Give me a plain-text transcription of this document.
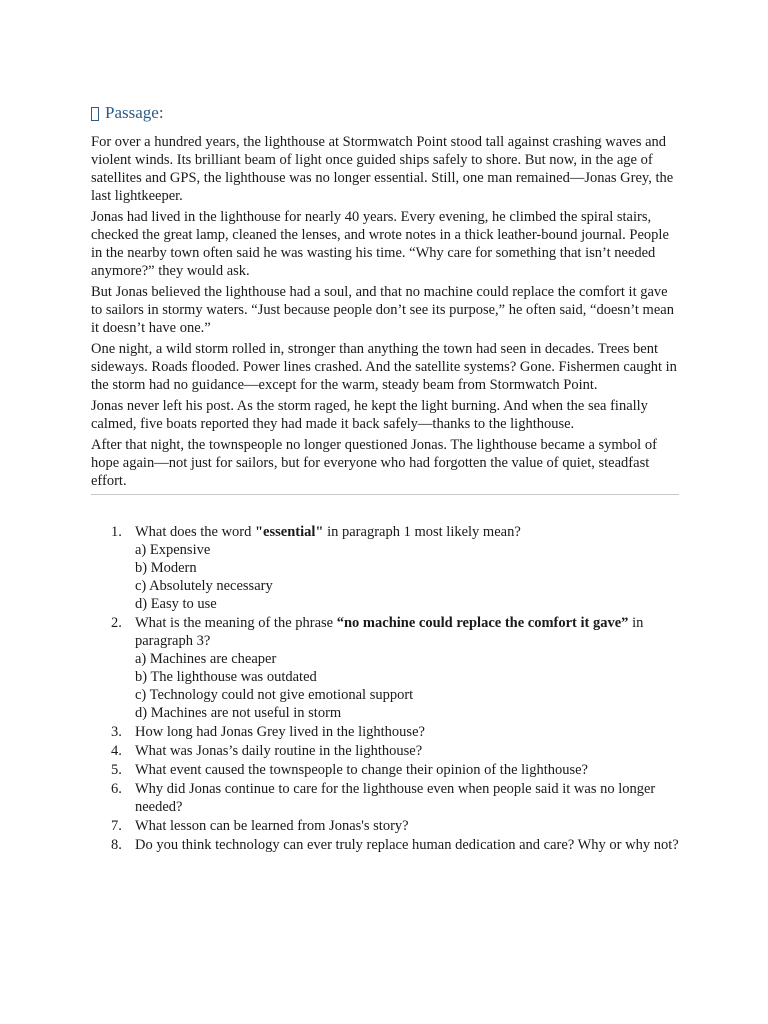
Passage:

For over a hundred years, the lighthouse at Stormwatch Point stood tall against crashing waves and violent winds. Its brilliant beam of light once guided ships safely to shore. But now, in the age of satellites and GPS, the lighthouse was no longer essential. Still, one man remained—Jonas Grey, the last lightkeeper.

Jonas had lived in the lighthouse for nearly 40 years. Every evening, he climbed the spiral stairs, checked the great lamp, cleaned the lenses, and wrote notes in a thick leather-bound journal. People in the nearby town often said he was wasting his time. “Why care for something that isn’t needed anymore?” they would ask.

But Jonas believed the lighthouse had a soul, and that no machine could replace the comfort it gave to sailors in stormy waters. “Just because people don’t see its purpose,” he often said, “doesn’t mean it doesn’t have one.”

One night, a wild storm rolled in, stronger than anything the town had seen in decades. Trees bent sideways. Roads flooded. Power lines crashed. And the satellite systems? Gone. Fishermen caught in the storm had no guidance—except for the warm, steady beam from Stormwatch Point.

Jonas never left his post. As the storm raged, he kept the light burning. And when the sea finally calmed, five boats reported they had made it back safely—thanks to the lighthouse.

After that night, the townspeople no longer questioned Jonas. The lighthouse became a symbol of hope again—not just for sailors, but for everyone who had forgotten the value of quiet, steadfast effort.

1. What does the word "essential" in paragraph 1 most likely mean?
a) Expensive
b) Modern
c) Absolutely necessary
d) Easy to use
2. What is the meaning of the phrase “no machine could replace the comfort it gave” in paragraph 3?
a) Machines are cheaper
b) The lighthouse was outdated
c) Technology could not give emotional support
d) Machines are not useful in storm
3. How long had Jonas Grey lived in the lighthouse?
4. What was Jonas’s daily routine in the lighthouse?
5. What event caused the townspeople to change their opinion of the lighthouse?
6. Why did Jonas continue to care for the lighthouse even when people said it was no longer needed?
7. What lesson can be learned from Jonas's story?
8. Do you think technology can ever truly replace human dedication and care? Why or why not?
